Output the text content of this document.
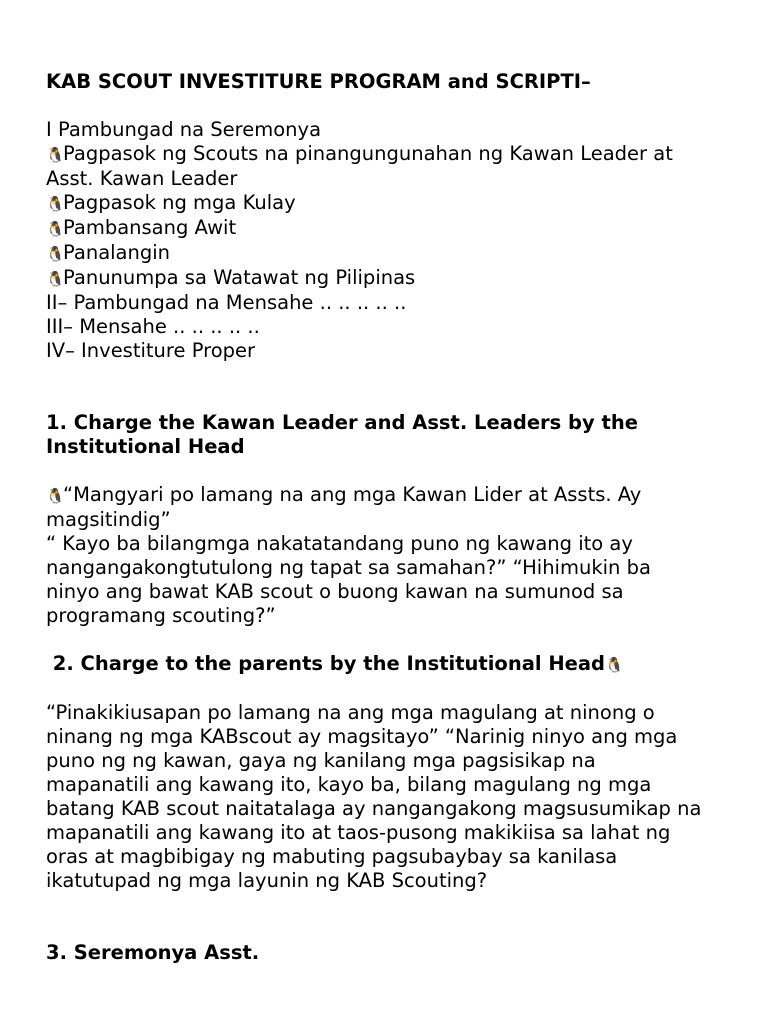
KAB SCOUT INVESTITURE PROGRAM and SCRIPTI–
I Pambungad na Seremonya
🐧Pagpasok ng Scouts na pinangungunahan ng Kawan Leader at
Asst. Kawan Leader
🐧Pagpasok ng mga Kulay
🐧Pambansang Awit
🐧Panalangin
🐧Panunumpa sa Watawat ng Pilipinas
II– Pambungad na Mensahe .. .. .. .. ..
III– Mensahe .. .. .. .. ..
IV– Investiture Proper
1. Charge the Kawan Leader and Asst. Leaders by the
Institutional Head
🐧“Mangyari po lamang na ang mga Kawan Lider at Assts. Ay
magsitindig”
“ Kayo ba bilangmga nakatatandang puno ng kawang ito ay
nangangakongtutulong ng tapat sa samahan?” “Hihimukin ba
ninyo ang bawat KAB scout o buong kawan na sumunod sa
programang scouting?”
2. Charge to the parents by the Institutional Head🐧
“Pinakikiusapan po lamang na ang mga magulang at ninong o
ninang ng mga KABscout ay magsitayo” “Narinig ninyo ang mga
puno ng ng kawan, gaya ng kanilang mga pagsisikap na
mapanatili ang kawang ito, kayo ba, bilang magulang ng mga
batang KAB scout naitatalaga ay nangangakong magsusumikap na
mapanatili ang kawang ito at taos-pusong makikiisa sa lahat ng
oras at magbibigay ng mabuting pagsubaybay sa kanilasa
ikatutupad ng mga layunin ng KAB Scouting?
3. Seremonya Asst.
